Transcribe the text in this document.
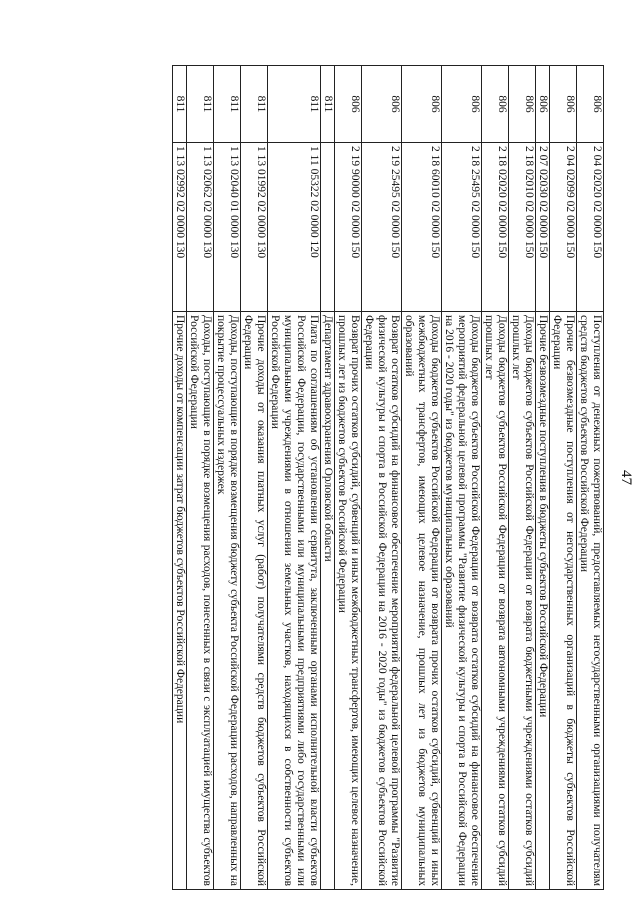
47
806	2 04 02020 02 0000 150	Поступления от денежных пожертвований, предоставляемых негосударственными организациями получателям средств бюджетов субъектов Российской Федерации
806	2 04 02099 02 0000 150	Прочие безвозмездные поступления от негосударственных организаций в бюджеты субъектов Российской Федерации
806	2 07 02030 02 0000 150	Прочие безвозмездные поступления в бюджеты субъектов Российской Федерации
806	2 18 02010 02 0000 150	Доходы бюджетов субъектов Российской Федерации от возврата бюджетными учреждениями остатков субсидий прошлых лет
806	2 18 02020 02 0000 150	Доходы бюджетов субъектов Российской Федерации от возврата автономными учреждениями остатков субсидий прошлых лет
806	2 18 25495 02 0000 150	Доходы бюджетов субъектов Российской Федерации от возврата остатков субсидий на финансовое обеспечение мероприятий федеральной целевой программы "Развитие физической культуры и спорта в Российской Федерации на 2016 - 2020 годы" из бюджетов муниципальных образований
806	2 18 60010 02 0000 150	Доходы бюджетов субъектов Российской Федерации от возврата прочих остатков субсидий, субвенций и иных межбюджетных трансфертов, имеющих целевое назначение, прошлых лет из бюджетов муниципальных образований
806	2 19 25495 02 0000 150	Возврат остатков субсидий на финансовое обеспечение мероприятий федеральной целевой программы "Развитие физической культуры и спорта в Российской Федерации на 2016 - 2020 годы" из бюджетов субъектов Российской Федерации
806	2 19 90000 02 0000 150	Возврат прочих остатков субсидий, субвенций и иных межбюджетных трансфертов, имеющих целевое назначение, прошлых лет из бюджетов субъектов Российской Федерации
811		Департамент здравоохранения Орловской области
811	1 11 05322 02 0000 120	Плата по соглашениям об установлении сервитута, заключенным органами исполнительной власти субъектов Российской Федерации, государственными или муниципальными предприятиями либо государственными или муниципальными учреждениями в отношении земельных участков, находящихся в собственности субъектов Российской Федерации
811	1 13 01992 02 0000 130	Прочие доходы от оказания платных услуг (работ) получателями средств бюджетов субъектов Российской Федерации
811	1 13 02040 01 0000 130	Доходы, поступающие в порядке возмещения бюджету субъекта Российской Федерации расходов, направленных на покрытие процессуальных издержек
811	1 13 02062 02 0000 130	Доходы, поступающие в порядке возмещения расходов, понесенных в связи с эксплуатацией имущества субъектов Российской Федерации
811	1 13 02992 02 0000 130	Прочие доходы от компенсации затрат бюджетов субъектов Российской Федерации
